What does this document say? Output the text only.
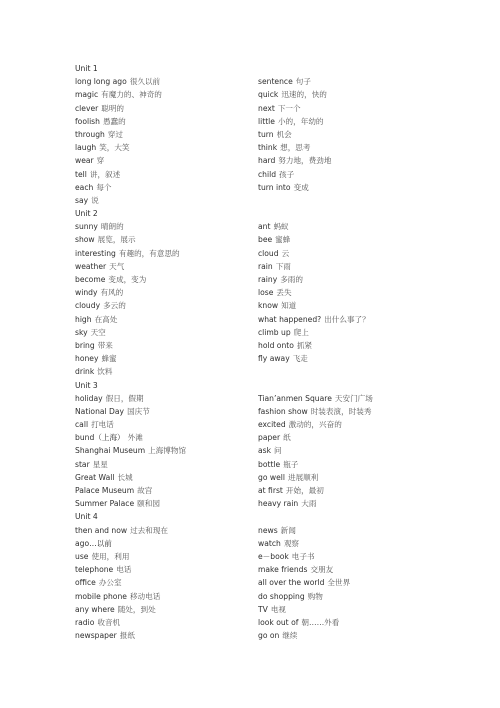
Unit 1
long long ago 很久以前
magic 有魔力的、神奇的
clever 聪明的
foolish 愚蠢的
through 穿过
laugh 笑，大笑
wear 穿
tell 讲，叙述
each 每个
say 说
Unit 2
sunny 晴朗的
show 展览，展示
interesting 有趣的，有意思的
weather 天气
become 变成，变为
windy 有风的
cloudy 多云的
high 在高处
sky 天空
bring 带来
honey 蜂蜜
drink 饮料
Unit 3
holiday 假日，假期
National Day 国庆节
call 打电话
bund（上海） 外滩
Shanghai Museum 上海博物馆
star 星星
Great Wall 长城
Palace Museum 故宫
Summer Palace 颐和园
Unit 4
then and now 过去和现在
ago…以前
use 使用，利用
telephone 电话
office 办公室
mobile phone 移动电话
any where 随处，到处
radio 收音机
newspaper 报纸
sentence 句子
quick 迅速的，快的
next 下一个
little 小的，年幼的
turn 机会
think 想，思考
hard 努力地，费劲地
child 孩子
turn into 变成
ant 蚂蚁
bee 蜜蜂
cloud 云
rain 下雨
rainy 多雨的
lose 丢失
know 知道
what happened? 出什么事了？
climb up 爬上
hold onto 抓紧
fly away 飞走
Tian’anmen Square 天安门广场
fashion show 时装表演，时装秀
excited 激动的，兴奋的
paper 纸
ask 问
bottle 瓶子
go well 进展顺利
at first 开始，最初
heavy rain 大雨
news 新闻
watch 观察
e－book 电子书
make friends 交朋友
all over the world 全世界
do shopping 购物
TV 电视
look out of 朝……外看
go on 继续
